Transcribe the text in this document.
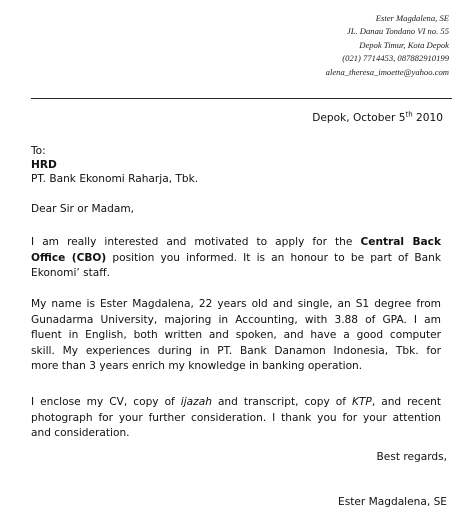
Ester Magdalena, SE
JL. Danau Tondano VI no. 55
Depok Timur, Kota Depok
(021) 7714453, 087882910199
alena_theresa_imoette@yahoo.com
Depok, October 5th 2010
To:
HRD
PT. Bank Ekonomi Raharja, Tbk.
Dear Sir or Madam,
I am really interested and motivated to apply for the Central Back
Office (CBO) position you informed. It is an honour to be part of Bank
Ekonomi’ staff.
My name is Ester Magdalena, 22 years old and single, an S1 degree from
Gunadarma University, majoring in Accounting, with 3.88 of GPA. I am
fluent in English, both written and spoken, and have a good computer
skill. My experiences during in PT. Bank Danamon Indonesia, Tbk. for
more than 3 years enrich my knowledge in banking operation.
I enclose my CV, copy of ijazah and transcript, copy of KTP, and recent
photograph for your further consideration. I thank you for your attention
and consideration.
Best regards,
Ester Magdalena, SE
